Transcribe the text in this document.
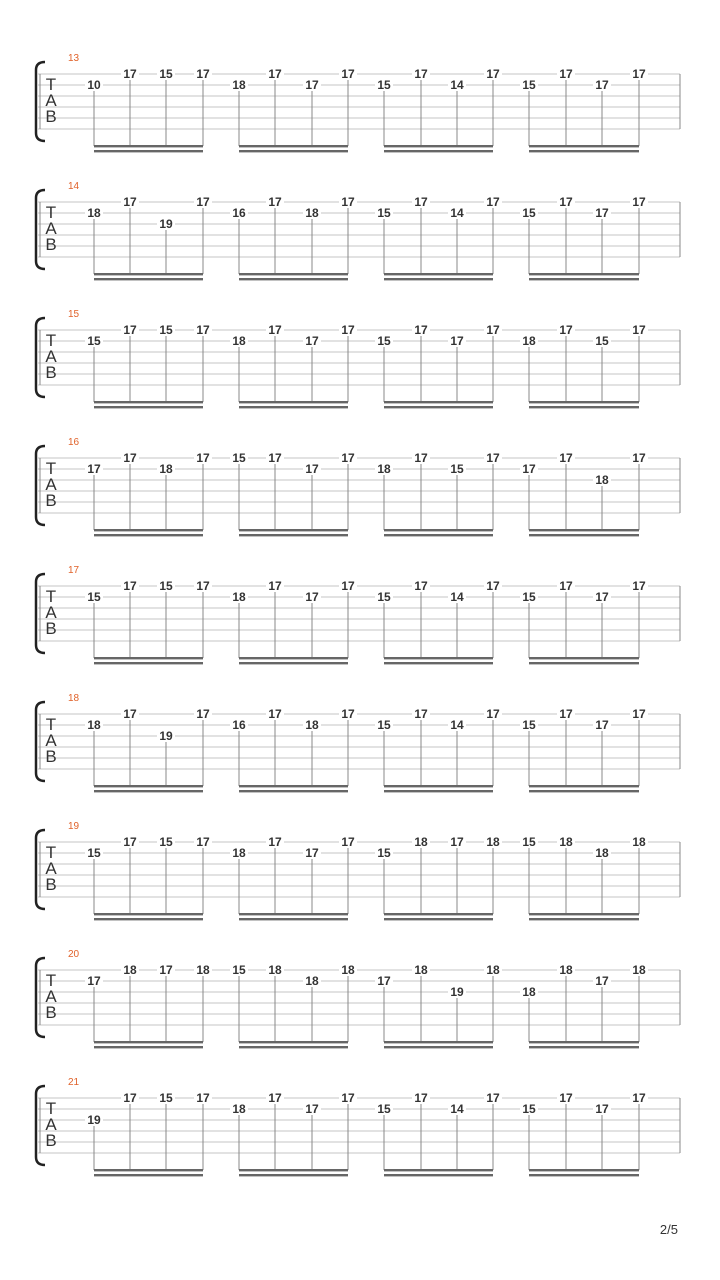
T
A
B
13
10
17 15 17
18
17
17
17
15
17
14
17
15
17
17
17
T
A
B
14
18
17
19
17
16
17
18
17
15
17
14
17
15
17
17
17
T
A
B
15
15
17 15 17
18
17
17
17
15
17
17
17
18
17
15
17
T
A
B
16
17
17
18
17 15 17
17
17
18
17
15
17
17
17
18
17
T
A
B
17
15
17 15 17
18
17
17
17
15
17
14
17
15
17
17
17
T
A
B
18
18
17
19
17
16
17
18
17
15
17
14
17
15
17
17
17
T
A
B
19
15
17 15 17
18
17
17
17
15
18 17 18 15 18
18
18
T
A
B
20
17
18 17 18 15 18
18
18
17
18
19
18
18
18
17
18
T
A
B
21
19
17 15 17
18
17
17
17
15
17
14
17
15
17
17
17
2/5
